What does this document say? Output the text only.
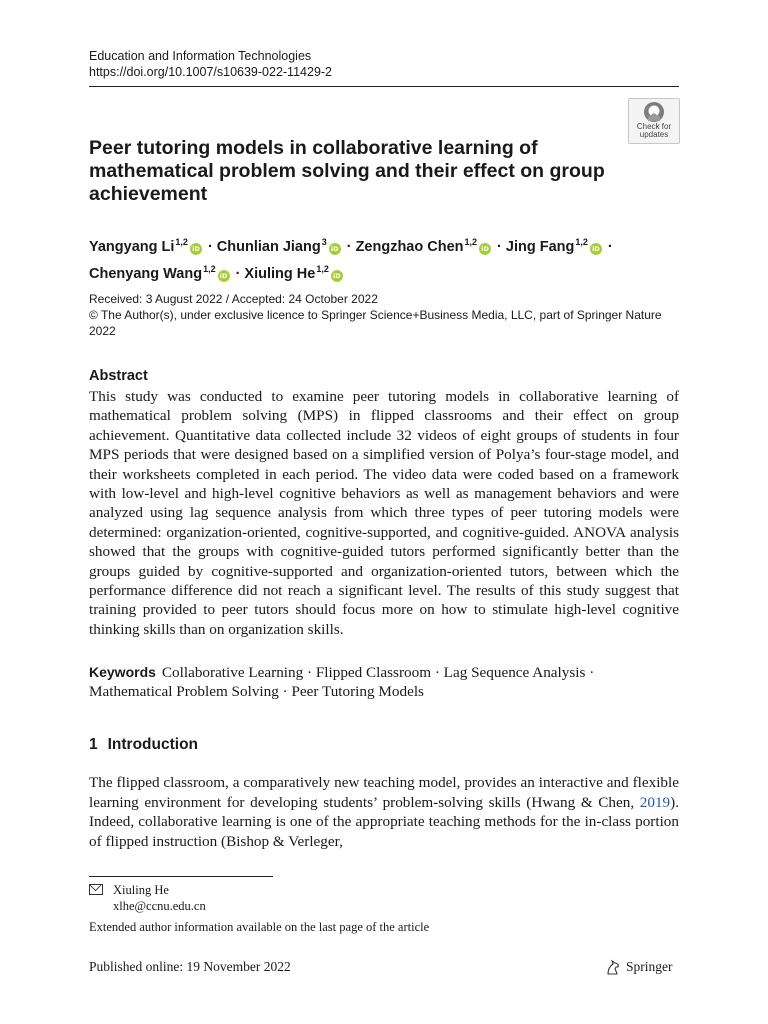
Education and Information Technologies
https://doi.org/10.1007/s10639-022-11429-2
Check for
updates
Peer tutoring models in collaborative learning of mathematical problem solving and their effect on group achievement
Yangyang Li$^{1,2}$iD · Chunlian Jiang$^3$iD · Zengzhao Chen$^{1,2}$iD · Jing Fang$^{1,2}$iD ·
Chenyang Wang$^{1,2}$iD · Xiuling He$^{1,2}$iD
Received: 3 August 2022 / Accepted: 24 October 2022
© The Author(s), under exclusive licence to Springer Science+Business Media, LLC, part of Springer Nature 2022
Abstract
This study was conducted to examine peer tutoring models in collaborative learning of mathematical problem solving (MPS) in flipped classrooms and their effect on group achievement. Quantitative data collected include 32 videos of eight groups of students in four MPS periods that were designed based on a simplified version of Polya’s four-stage model, and their worksheets completed in each period. The video data were coded based on a framework with low-level and high-level cognitive behaviors as well as management behaviors and were analyzed using lag sequence analysis from which three types of peer tutoring models were determined: organization-oriented, cognitive-supported, and cognitive-guided. ANOVA analysis showed that the groups with cognitive-guided tutors performed significantly better than the groups guided by cognitive-supported and organization-oriented tutors, between which the performance difference did not reach a significant level. The results of this study suggest that training provided to peer tutors should focus more on how to stimulate high-level cognitive thinking skills than on organization skills.
Keywords Collaborative Learning · Flipped Classroom · Lag Sequence Analysis · Mathematical Problem Solving · Peer Tutoring Models
1 Introduction
The flipped classroom, a comparatively new teaching model, provides an interactive and flexible learning environment for developing students’ problem-solving skills (Hwang & Chen, 2019). Indeed, collaborative learning is one of the appropriate teaching methods for the in-class portion of flipped instruction (Bishop & Verleger,
Xiuling He
xlhe@ccnu.edu.cn
Extended author information available on the last page of the article
Published online: 19 November 2022	Springer
